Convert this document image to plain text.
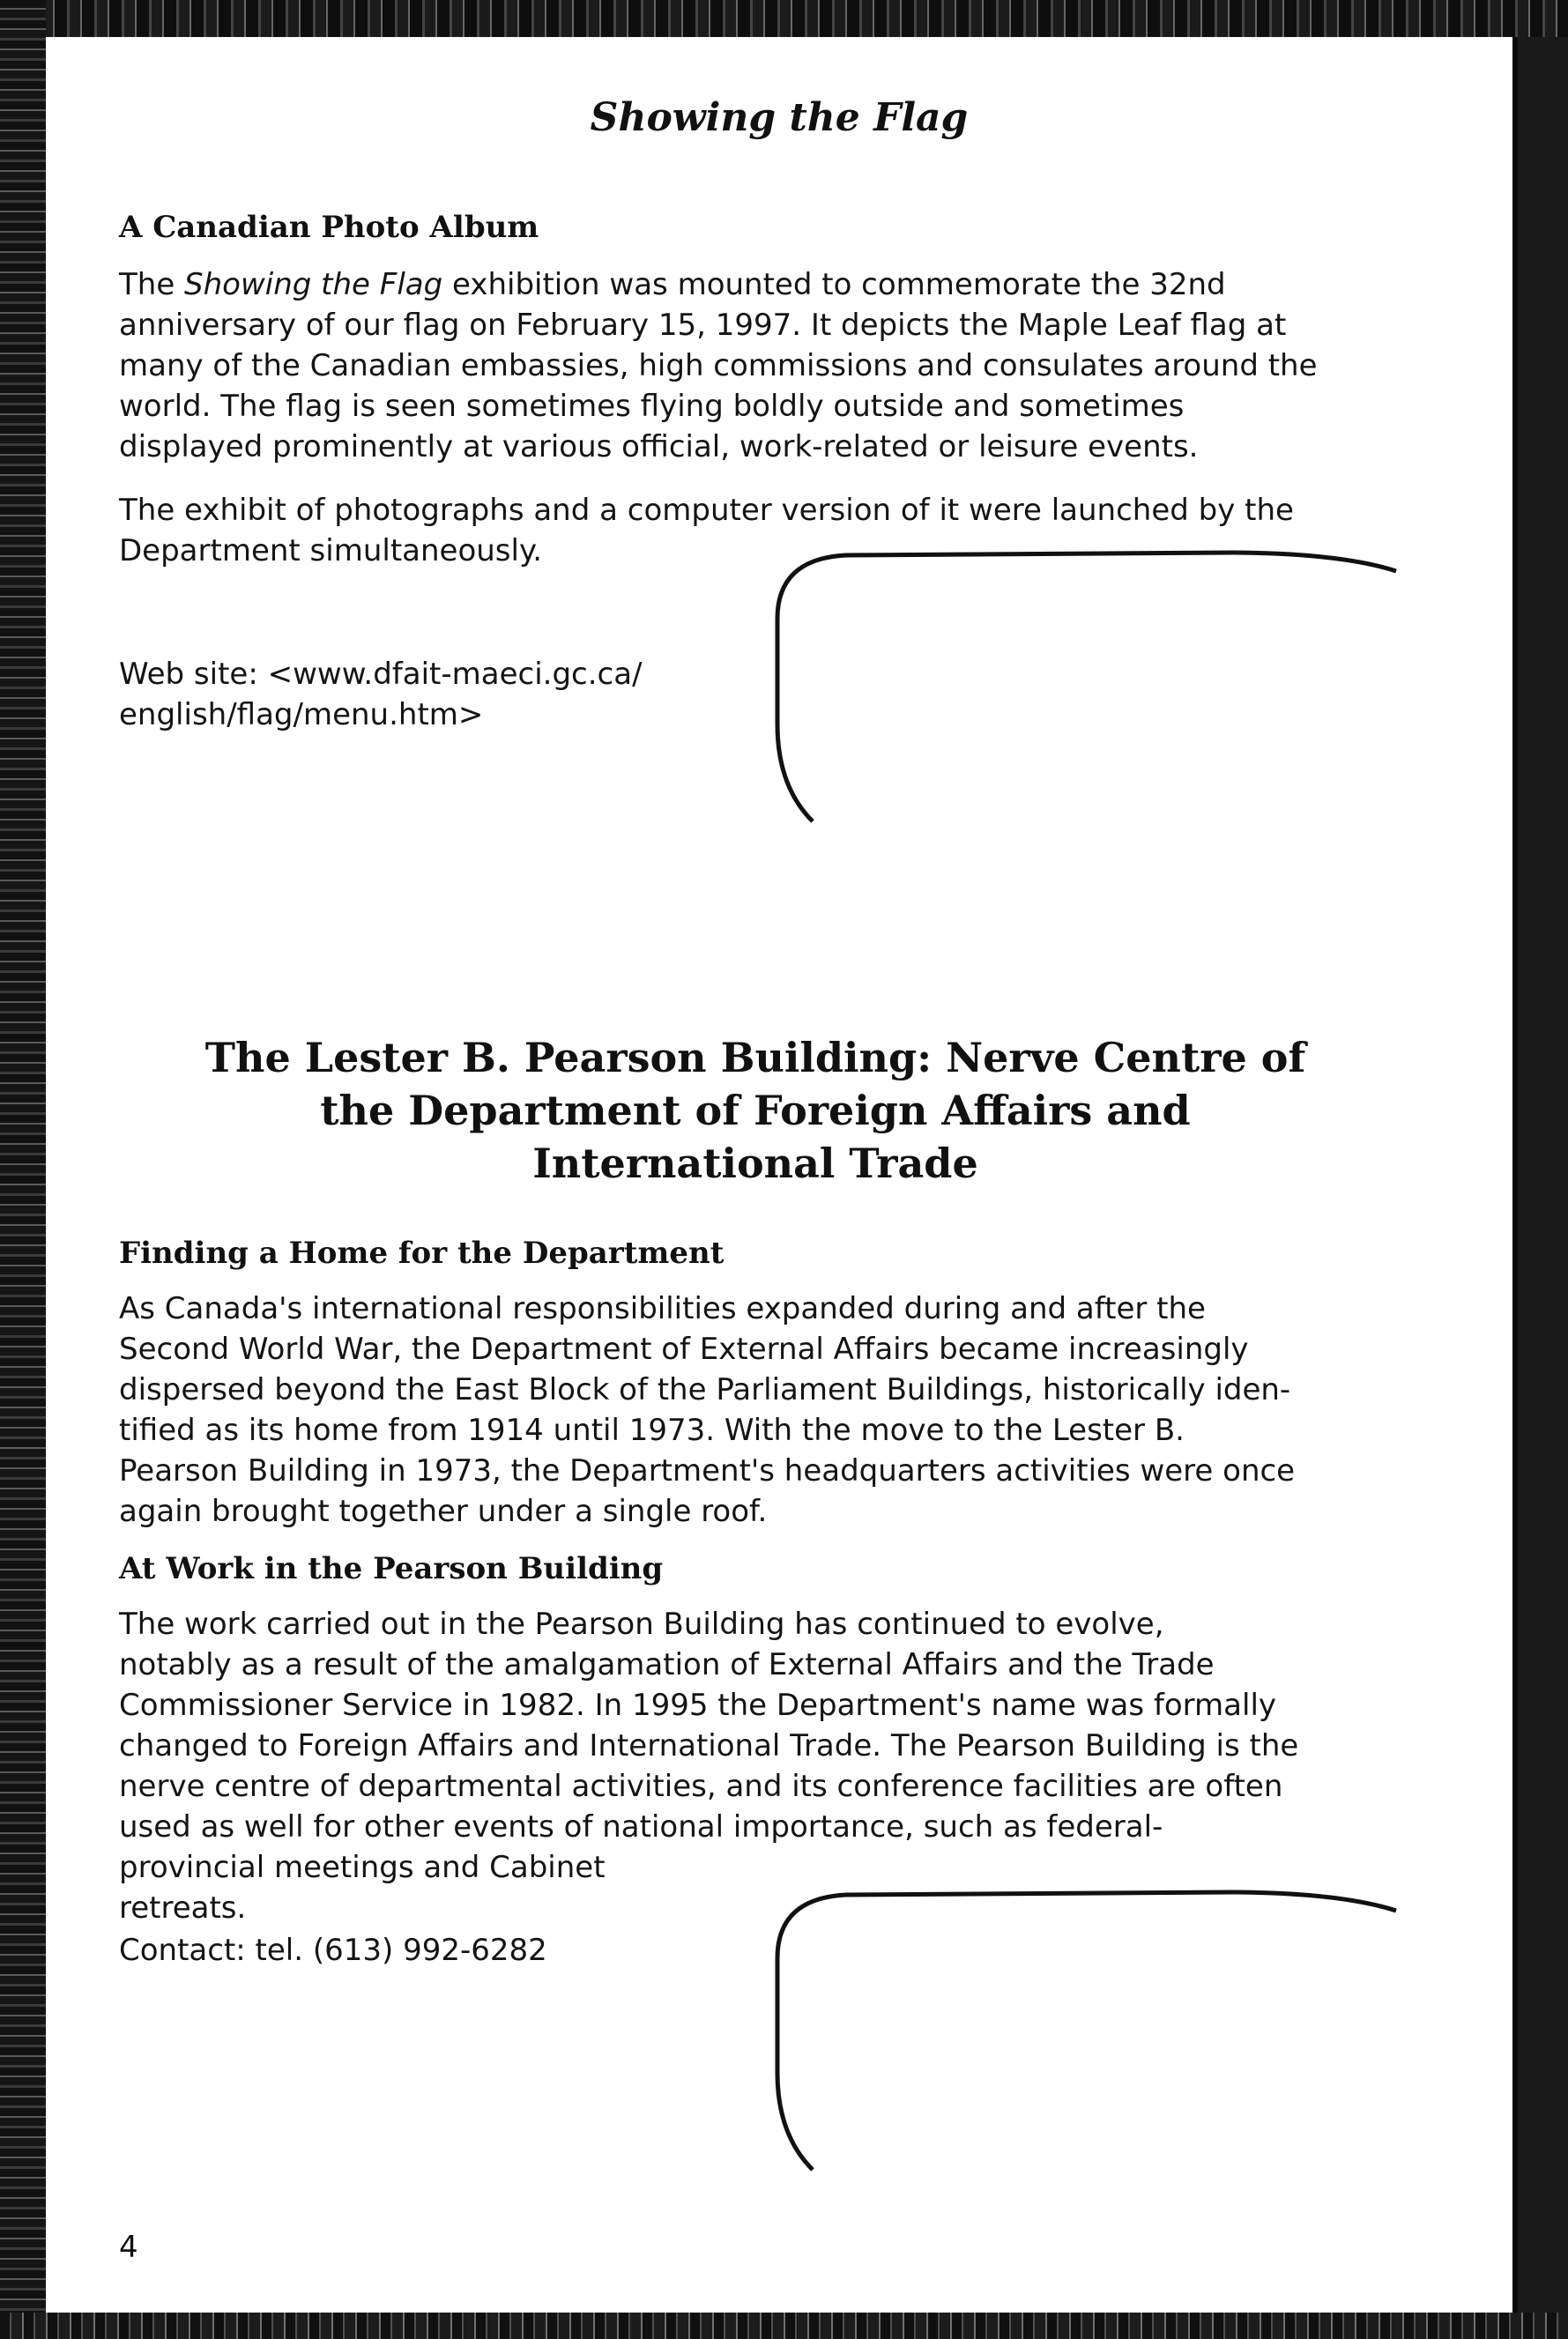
Showing the Flag
A Canadian Photo Album
The Showing the Flag exhibition was mounted to commemorate the 32nd
anniversary of our flag on February 15, 1997. It depicts the Maple Leaf flag at
many of the Canadian embassies, high commissions and consulates around the
world. The flag is seen sometimes flying boldly outside and sometimes
displayed prominently at various official, work-related or leisure events.
The exhibit of photographs and a computer version of it were launched by the
Department simultaneously.
Web site: <www.dfait-maeci.gc.ca/
english/flag/menu.htm>
The Lester B. Pearson Building: Nerve Centre of
the Department of Foreign Affairs and
International Trade
Finding a Home for the Department
As Canada's international responsibilities expanded during and after the
Second World War, the Department of External Affairs became increasingly
dispersed beyond the East Block of the Parliament Buildings, historically iden-
tified as its home from 1914 until 1973. With the move to the Lester B.
Pearson Building in 1973, the Department's headquarters activities were once
again brought together under a single roof.
At Work in the Pearson Building
The work carried out in the Pearson Building has continued to evolve,
notably as a result of the amalgamation of External Affairs and the Trade
Commissioner Service in 1982. In 1995 the Department's name was formally
changed to Foreign Affairs and International Trade. The Pearson Building is the
nerve centre of departmental activities, and its conference facilities are often
used as well for other events of national importance, such as federal-
provincial meetings and Cabinet
retreats.
Contact: tel. (613) 992-6282
4
